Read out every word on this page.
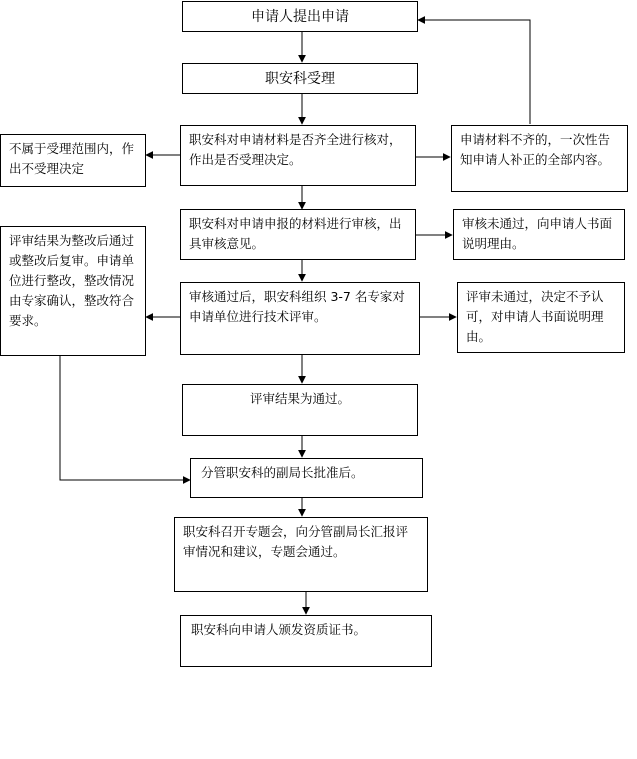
申请人提出申请
职安科受理
职安科对申请材料是否齐全进行核对，作出是否受理决定。
不属于受理范围内，作出不受理决定
申请材料不齐的，一次性告知申请人补正的全部内容。
职安科对申请申报的材料进行审核，出具审核意见。
审核未通过，向申请人书面说明理由。
审核通过后，职安科组织 3-7 名专家对申请单位进行技术评审。
评审结果为整改后通过或整改后复审。申请单位进行整改，整改情况由专家确认，整改符合要求。
评审未通过，决定不予认可，对申请人书面说明理由。
评审结果为通过。
分管职安科的副局长批准后。
职安科召开专题会，向分管副局长汇报评审情况和建议，专题会通过。
职安科向申请人颁发资质证书。
